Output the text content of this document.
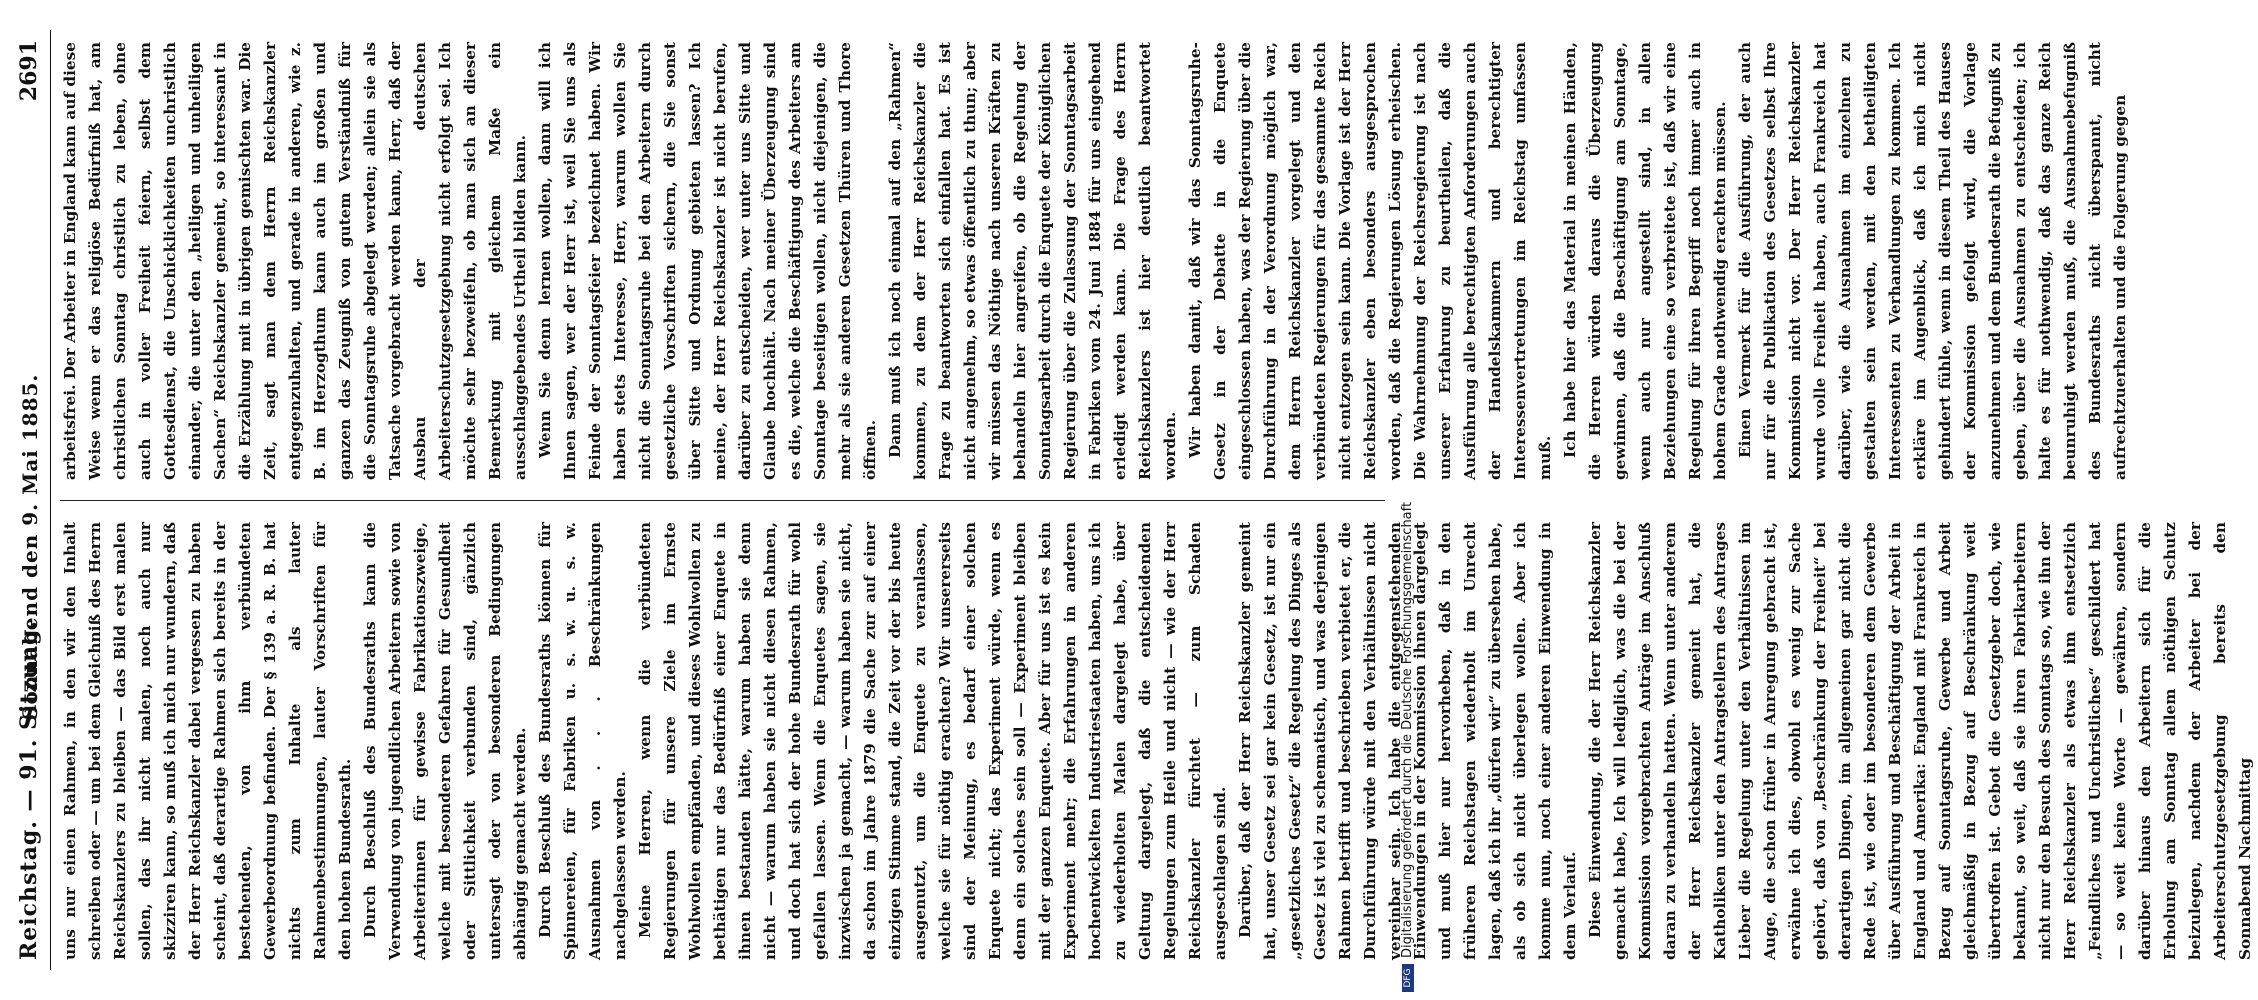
Reichstag. — 91. Sitzung.
Sonnabend den 9. Mai 1885.
2691

uns nur einen Rahmen, in den wir den Inhalt schreiben oder — um bei dem Gleichniß des Herrn Reichskanzlers zu bleiben — das Bild erst malen sollen, das ihr nicht malen, noch auch nur skizziren kann, so muß ich mich nur wundern, daß der Herr Reichskanzler dabei vergessen zu haben scheint, daß derartige Rahmen sich bereits in der bestehenden, von ihm verbündeten Gewerbeordnung befinden. Der § 139 a. R. B. hat nichts zum Inhalte als lauter Rahmenbestimmungen, lauter Vorschriften für den hohen Bundesrath. Durch Beschluß des Bundesraths kann die Verwendung von jugendlichen Arbeitern sowie von Arbeiterinnen für gewisse Fabrikationszweige, welche mit besonderen Gefahren für Gesundheit oder Sittlichkeit verbunden sind, gänzlich untersagt oder von besonderen Bedingungen abhängig gemacht werden. Durch Beschluß des Bundesraths können für Spinnereien, für Fabriken u. s. w. u. s. w. Ausnahmen von . . . Beschränkungen nachgelassen werden. Meine Herren, wenn die verbündeten Regierungen für unsere Ziele im Ernste Wohlwollen empfänden, und dieses Wohlwollen zu bethätigen nur das Bedürfniß einer Enquete in ihnen bestanden hätte, warum haben sie denn nicht — warum haben sie nicht diesen Rahmen, und doch hat sich der hohe Bundesrath für wohl gefallen lassen. Wenn die Enquetes sagen, sie inzwischen ja gemacht, — warum haben sie nicht, da schon im Jahre 1879 die Sache zur auf einer einzigen Stimme stand, die Zeit vor der bis heute ausgenutzt, um die Enquete zu veranlassen, welche sie für nöthig erachten? Wir unsererseits sind der Meinung, es bedarf einer solchen Enquete nicht; das Experiment würde, wenn es denn ein solches sein soll — Experiment bleiben mit der ganzen Enquete. Aber für uns ist es kein Experiment mehr; die Erfahrungen in anderen hochentwickelten Industriestaaten haben, uns ich zu wiederholten Malen dargelegt habe, über Geltung dargelegt, daß die entscheidenden Regelungen zum Heile und nicht — wie der Herr Reichskanzler fürchtet — zum Schaden ausgeschlagen sind. Darüber, daß der Herr Reichskanzler gemeint hat, unser Gesetz sei gar kein Gesetz, ist nur ein „gesetzliches Gesetz“ die Regelung des Dinges als Gesetz ist viel zu schematisch, und was derjenigen Rahmen betrifft und beschrieben verbietet er, die Durchführung würde mit den Verhältnissen nicht vereinbar sein. Ich habe die entgegenstehenden Einwendungen in der Kommission ihnen dargelegt und muß hier nur hervorheben, daß in den früheren Reichstagen wiederholt im Unrecht lagen, daß ich ihr „dürfen wir“ zu übersehen habe, als ob sich nicht überlegen wollen. Aber ich komme nun, noch einer anderen Einwendung in dem Verlauf. Diese Einwendung, die der Herr Reichskanzler gemacht habe, Ich will lediglich, was die bei der Kommission vorgebrachten Anträge im Anschluß daran zu verhandeln hatten. Wenn unter anderem der Herr Reichskanzler gemeint hat, die Katholiken unter den Antragstellern des Antrages Lieber die Regelung unter den Verhältnissen im Auge, die schon früher in Anregung gebracht ist, erwähne ich dies, obwohl es wenig zur Sache gehört, daß von „Beschränkung der Freiheit“ bei derartigen Dingen, im allgemeinen gar nicht die Rede ist, wie oder im besonderen dem Gewerbe über Ausführung und Beschäftigung der Arbeit in England und Amerika: England mit Frankreich in Bezug auf Sonntagsruhe, Gewerbe und Arbeit gleichmäßig in Bezug auf Beschränkung weit übertroffen ist. Gebot die Gesetzgeber doch, wie bekannt, so weit, daß sie ihren Fabrikarbeitern nicht nur den Besuch des Sonntags so, wie ihn der Herr Reichskanzler als etwas ihm entsetzlich „Feindliches und Unchristliches“ geschildert hat — so weit keine Worte — gewähren, sondern darüber hinaus den Arbeitern sich für die Erholung am Sonntag allem nöthigen Schutz beizulegen, nachdem der Arbeiter bei der Arbeiterschutzgesetzgebung bereits den Sonnabend Nachmittag

arbeitsfrei. Der Arbeiter in England kann auf diese Weise wenn er das religiöse Bedürfniß hat, am christlichen Sonntag christlich zu leben, ohne auch in voller Freiheit feiern, selbst dem Gottesdienst, die Unschicklichkeiten unchristlich einander, die unter den „heiligen und unheiligen Sachen“ Reichskanzler gemeint, so interessant in die Erzählung mit in übrigen gemischten war. Die Zeit, sagt man dem Herrn Reichskanzler entgegenzuhalten, und gerade in anderen, wie z. B. im Herzogthum kann auch im großen und ganzen das Zeugniß von gutem Verständniß für die Sonntagsruhe abgelegt werden; allein sie als Tatsache vorgebracht werden kann, Herr, daß der Ausbau der deutschen Arbeiterschutzgesetzgebung nicht erfolgt sei. Ich möchte sehr bezweifeln, ob man sich an dieser Bemerkung mit gleichem Maße ein ausschlaggebendes Urtheil bilden kann. Wenn Sie denn lernen wollen, dann will ich Ihnen sagen, wer der Herr ist, weil Sie uns als Feinde der Sonntagsfeier bezeichnet haben. Wir haben stets Interesse, Herr, warum wollen Sie nicht die Sonntagsruhe bei den Arbeitern durch gesetzliche Vorschriften sichern, die Sie sonst über Sitte und Ordnung gebieten lassen? Ich meine, der Herr Reichskanzler ist nicht berufen, darüber zu entscheiden, wer unter uns Sitte und Glaube hochhält. Nach meiner Überzeugung sind es die, welche die Beschäftigung des Arbeiters am Sonntage beseitigen wollen, nicht diejenigen, die mehr als sie anderen Gesetzen Thüren und Thore öffnen. Dann muß ich noch einmal auf den „Rahmen“ kommen, zu dem der Herr Reichskanzler die Frage zu beantworten sich einfallen hat. Es ist nicht angenehm, so etwas öffentlich zu thun; aber wir müssen das Nöthige nach unseren Kräften zu behandeln hier angreifen, ob die Regelung der Sonntagsarbeit durch die Enquete der Königlichen Regierung über die Zulassung der Sonntagsarbeit in Fabriken vom 24. Juni 1884 für uns eingehend erledigt werden kann. Die Frage des Herrn Reichskanzlers ist hier deutlich beantwortet worden. Wir haben damit, daß wir das Sonntagsruhe-Gesetz in der Debatte in die Enquete eingeschlossen haben, was der Regierung über die Durchführung in der Verordnung möglich war, dem Herrn Reichskanzler vorgelegt und den verbündeten Regierungen für das gesammte Reich nicht entzogen sein kann. Die Vorlage ist der Herr Reichskanzler eben besonders ausgesprochen worden, daß die Regierungen Lösung erheischen. Die Wahrnehmung der Reichsregierung ist nach unserer Erfahrung zu beurtheilen, daß die Ausführung alle berechtigten Anforderungen auch der Handelskammern und berechtigter Interessenvertretungen im Reichstag umfassen muß. Ich habe hier das Material in meinen Händen, die Herren würden daraus die Überzeugung gewinnen, daß die Beschäftigung am Sonntage, wenn auch nur angestellt sind, in allen Beziehungen eine so verbreitete ist, daß wir eine Regelung für ihren Begriff noch immer auch in hohem Grade nothwendig erachten müssen. Einen Vermerk für die Ausführung, der auch nur für die Publikation des Gesetzes selbst Ihre Kommission nicht vor. Der Herr Reichskanzler wurde volle Freiheit haben, auch Frankreich hat darüber, wie die Ausnahmen im einzelnen zu gestalten sein werden, mit den betheiligten Interessenten zu Verhandlungen zu kommen. Ich erkläre im Augenblick, daß ich mich nicht gehindert fühle, wenn in diesem Theil des Hauses der Kommission gefolgt wird, die Vorlage anzunehmen und dem Bundesrath die Befugniß zu geben, über die Ausnahmen zu entscheiden; ich halte es für nothwendig, daß das ganze Reich beunruhigt werden muß, die Ausnahmebefugniß des Bundesraths nicht überspannt, nicht aufrechtzuerhalten und die Folgerung gegen

DFGDigitalisierung gefördert durch die Deutsche Forschungsgemeinschaft
